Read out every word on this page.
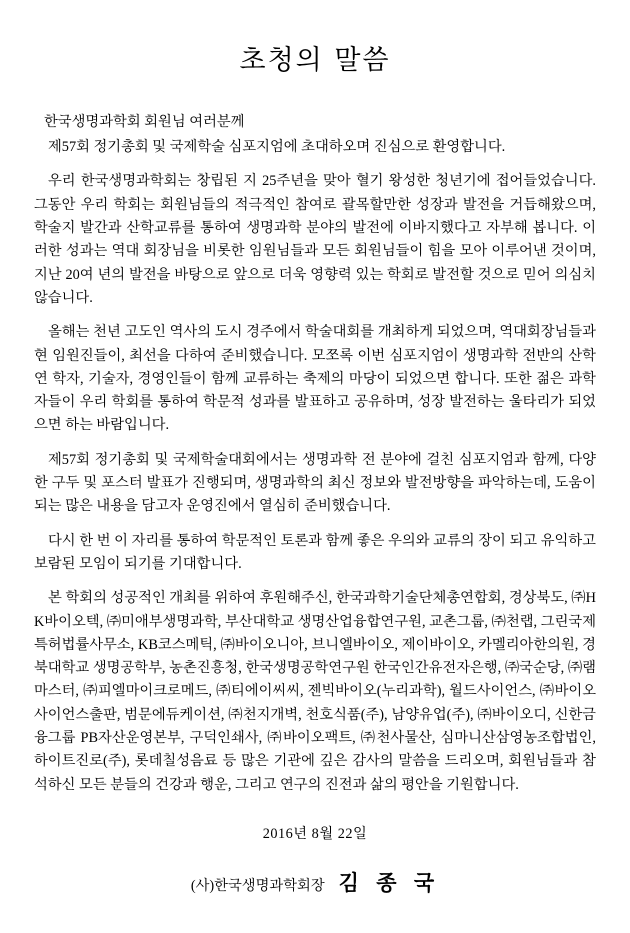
초청의 말씀
한국생명과학회 회원님 여러분께

제57회 정기총회 및 국제학술 심포지엄에 초대하오며 진심으로 환영합니다.

우리 한국생명과학회는 창립된 지 25주년을 맞아 혈기 왕성한 청년기에 접어들었습니다. 그동안 우리 학회는 회원님들의 적극적인 참여로 괄목할만한 성장과 발전을 거듭해왔으며, 학술지 발간과 산학교류를 통하여 생명과학 분야의 발전에 이바지했다고 자부해 봅니다. 이러한 성과는 역대 회장님을 비롯한 임원님들과 모든 회원님들이 힘을 모아 이루어낸 것이며, 지난 20여 년의 발전을 바탕으로 앞으로 더욱 영향력 있는 학회로 발전할 것으로 믿어 의심치 않습니다.

올해는 천년 고도인 역사의 도시 경주에서 학술대회를 개최하게 되었으며, 역대회장님들과 현 임원진들이, 최선을 다하여 준비했습니다. 모쪼록 이번 심포지엄이 생명과학 전반의 산학연 학자, 기술자, 경영인들이 함께 교류하는 축제의 마당이 되었으면 합니다. 또한 젊은 과학자들이 우리 학회를 통하여 학문적 성과를 발표하고 공유하며, 성장 발전하는 울타리가 되었으면 하는 바람입니다.

제57회 정기총회 및 국제학술대회에서는 생명과학 전 분야에 걸친 심포지엄과 함께, 다양한 구두 및 포스터 발표가 진행되며, 생명과학의 최신 정보와 발전방향을 파악하는데, 도움이 되는 많은 내용을 담고자 운영진에서 열심히 준비했습니다.

다시 한 번 이 자리를 통하여 학문적인 토론과 함께 좋은 우의와 교류의 장이 되고 유익하고 보람된 모임이 되기를 기대합니다.

본 학회의 성공적인 개최를 위하여 후원해주신, 한국과학기술단체총연합회, 경상북도, ㈜HK바이오텍, ㈜미애부생명과학, 부산대학교 생명산업융합연구원, 교촌그룹, ㈜천랩, 그린국제특허법률사무소, KB코스메틱, ㈜바이오니아, 브니엘바이오, 제이바이오, 카멜리아한의원, 경북대학교 생명공학부, 농촌진흥청, 한국생명공학연구원 한국인간유전자은행, ㈜국순당, ㈜램마스터, ㈜피엘마이크로메드, ㈜티에이씨씨, 젠빅바이오(누리과학), 월드사이언스, ㈜바이오사이언스출판, 범문에듀케이션, ㈜천지개벽, 천호식품(주), 남양유업(주), ㈜바이오디, 신한금융그룹 PB자산운영본부, 구덕인쇄사, ㈜바이오팩트, ㈜천사물산, 심마니산삼영농조합법인, 하이트진로(주), 롯데칠성음료 등 많은 기관에 깊은 감사의 말씀을 드리오며, 회원님들과 참석하신 모든 분들의 건강과 행운, 그리고 연구의 진전과 삶의 평안을 기원합니다.

2016년 8월 22일
(사)한국생명과학회장 김 종 국
